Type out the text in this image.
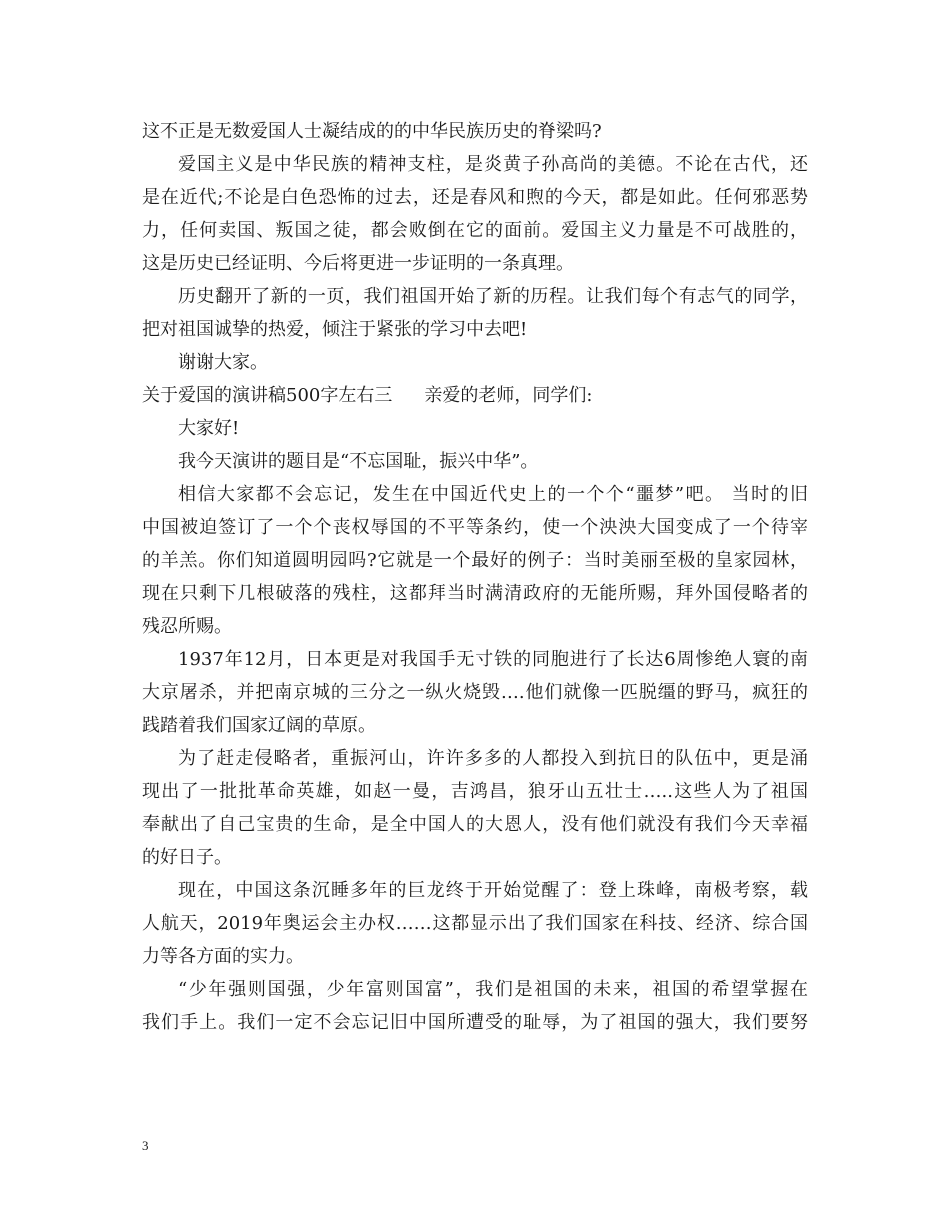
这不正是无数爱国人士凝结成的的中华民族历史的脊梁吗?
爱国主义是中华民族的精神支柱，是炎黄子孙高尚的美德。不论在古代，还
是在近代;不论是白色恐怖的过去，还是春风和煦的今天，都是如此。任何邪恶势
力，任何卖国、叛国之徒，都会败倒在它的面前。爱国主义力量是不可战胜的，
这是历史已经证明、今后将更进一步证明的一条真理。
历史翻开了新的一页，我们祖国开始了新的历程。让我们每个有志气的同学，
把对祖国诚挚的热爱，倾注于紧张的学习中去吧!
谢谢大家。
关于爱国的演讲稿500字左右三 亲爱的老师，同学们:
大家好!
我今天演讲的题目是“不忘国耻，振兴中华”。
相信大家都不会忘记，发生在中国近代史上的一个个“噩梦”吧。 当时的旧
中国被迫签订了一个个丧权辱国的不平等条约，使一个泱泱大国变成了一个待宰
的羊羔。你们知道圆明园吗?它就是一个最好的例子：当时美丽至极的皇家园林，
现在只剩下几根破落的残柱，这都拜当时满清政府的无能所赐，拜外国侵略者的
残忍所赐。
1937年12月，日本更是对我国手无寸铁的同胞进行了长达6周惨绝人寰的南
大京屠杀，并把南京城的三分之一纵火烧毁….他们就像一匹脱缰的野马，疯狂的
践踏着我们国家辽阔的草原。
为了赶走侵略者，重振河山，许许多多的人都投入到抗日的队伍中，更是涌
现出了一批批革命英雄，如赵一曼，吉鸿昌，狼牙山五壮士…..这些人为了祖国
奉献出了自己宝贵的生命，是全中国人的大恩人，没有他们就没有我们今天幸福
的好日子。
现在，中国这条沉睡多年的巨龙终于开始觉醒了：登上珠峰，南极考察，载
人航天，2019年奥运会主办权……这都显示出了我们国家在科技、经济、综合国
力等各方面的实力。
“少年强则国强，少年富则国富”，我们是祖国的未来，祖国的希望掌握在
我们手上。我们一定不会忘记旧中国所遭受的耻辱，为了祖国的强大，我们要努
3
